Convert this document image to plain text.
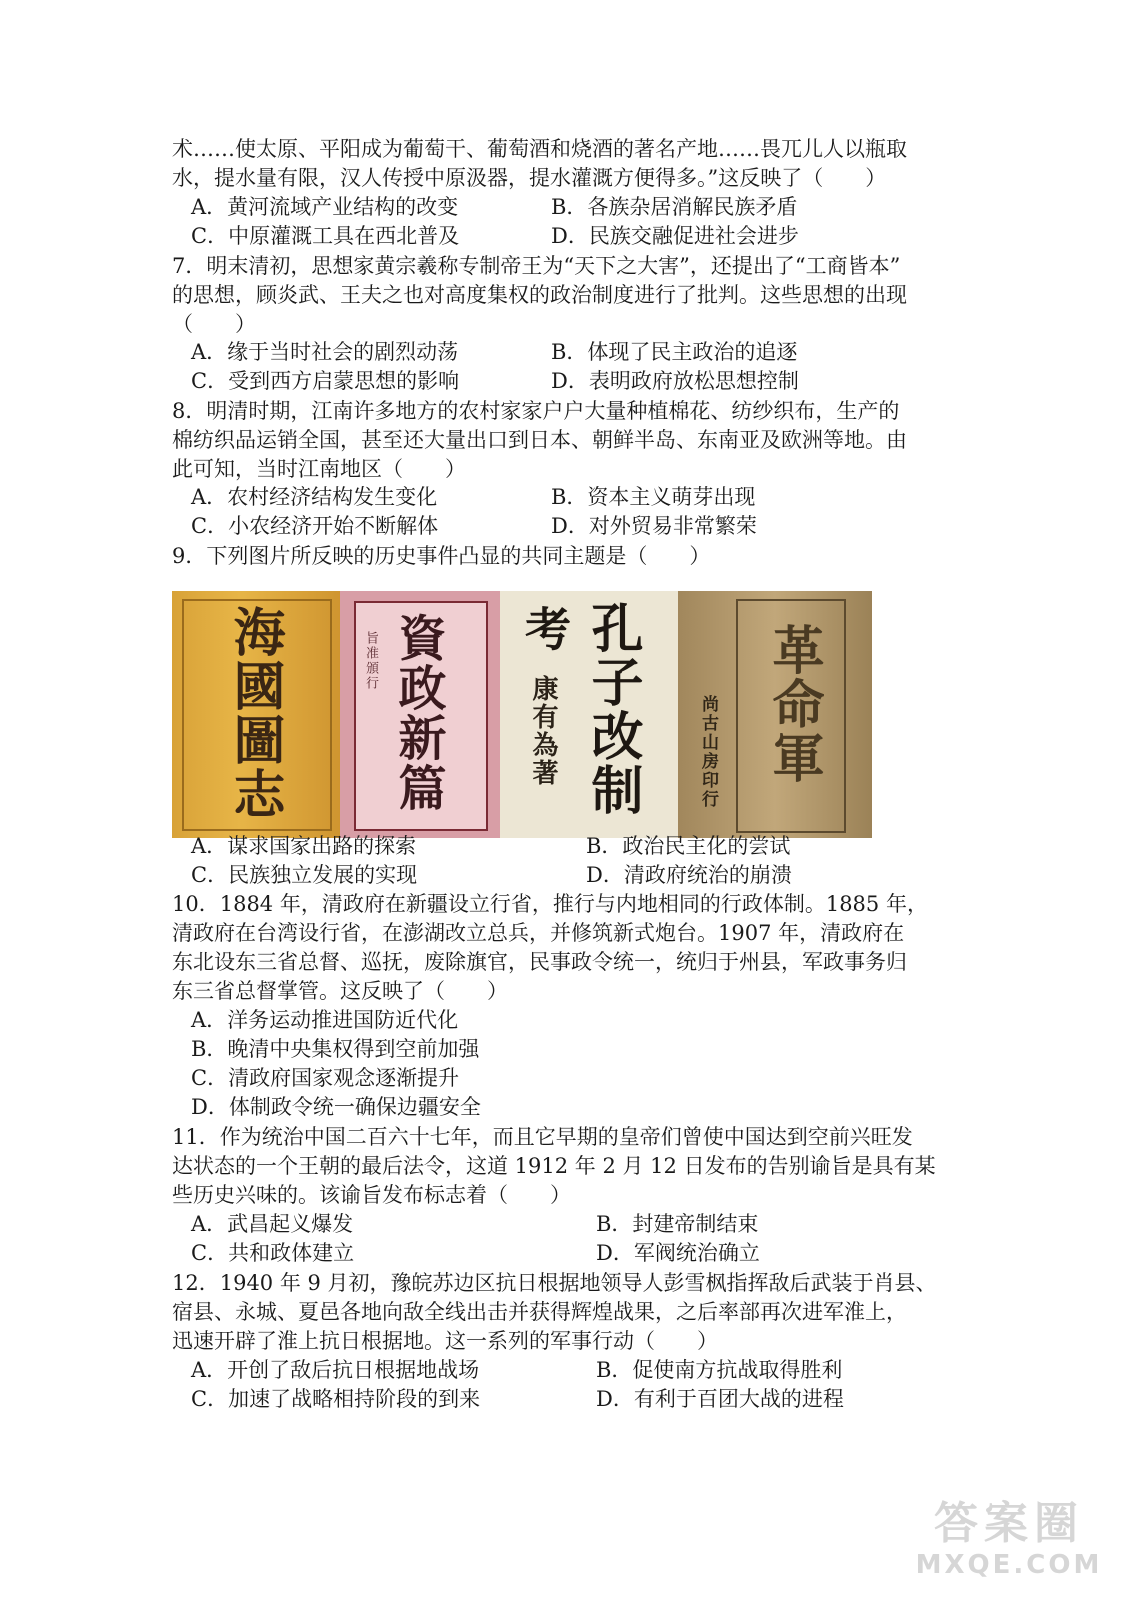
术……使太原、平阳成为葡萄干、葡萄酒和烧酒的著名产地……畏兀儿人以瓶取
水，提水量有限，汉人传授中原汲器，提水灌溉方便得多。”这反映了（　　）
A．黄河流域产业结构的改变	B．各族杂居消解民族矛盾
C．中原灌溉工具在西北普及	D．民族交融促进社会进步
7．明末清初，思想家黄宗羲称专制帝王为“天下之大害”，还提出了“工商皆本”
的思想，顾炎武、王夫之也对高度集权的政治制度进行了批判。这些思想的出现
（　　）
A．缘于当时社会的剧烈动荡	B．体现了民主政治的追逐
C．受到西方启蒙思想的影响	D．表明政府放松思想控制
8．明清时期，江南许多地方的农村家家户户大量种植棉花、纺纱织布，生产的
棉纺织品运销全国，甚至还大量出口到日本、朝鲜半岛、东南亚及欧洲等地。由
此可知，当时江南地区（　　）
A．农村经济结构发生变化	B．资本主义萌芽出现
C．小农经济开始不断解体	D．对外贸易非常繁荣
9．下列图片所反映的历史事件凸显的共同主题是（　　）
海國圖志 資政新篇
旨准頒行	孔子改制
考
康有為著	革命軍
尚古山房印行
A．谋求国家出路的探索	B．政治民主化的尝试
C．民族独立发展的实现	D．清政府统治的崩溃
10．1884 年，清政府在新疆设立行省，推行与内地相同的行政体制。1885 年，
清政府在台湾设行省，在澎湖改立总兵，并修筑新式炮台。1907 年，清政府在
东北设东三省总督、巡抚，废除旗官，民事政令统一，统归于州县，军政事务归
东三省总督掌管。这反映了（　　）
A．洋务运动推进国防近代化
B．晚清中央集权得到空前加强
C．清政府国家观念逐渐提升
D．体制政令统一确保边疆安全
11．作为统治中国二百六十七年，而且它早期的皇帝们曾使中国达到空前兴旺发
达状态的一个王朝的最后法令，这道 1912 年 2 月 12 日发布的告别谕旨是具有某
些历史兴味的。该谕旨发布标志着（　　）
A．武昌起义爆发	B．封建帝制结束
C．共和政体建立	D．军阀统治确立
12．1940 年 9 月初，豫皖苏边区抗日根据地领导人彭雪枫指挥敌后武装于肖县、
宿县、永城、夏邑各地向敌全线出击并获得辉煌战果，之后率部再次进军淮上，
迅速开辟了淮上抗日根据地。这一系列的军事行动（　　）
A．开创了敌后抗日根据地战场	B．促使南方抗战取得胜利
C．加速了战略相持阶段的到来	D．有利于百团大战的进程
答案圈
MXQE.COM
